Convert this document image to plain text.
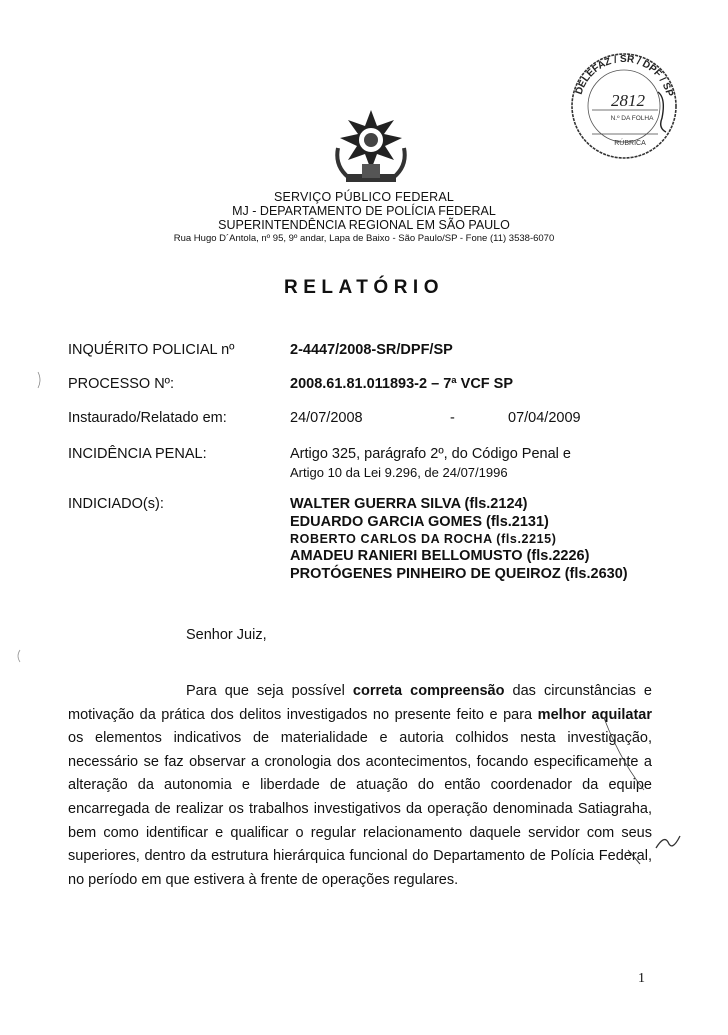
SERVIÇO PÚBLICO FEDERAL
MJ - DEPARTAMENTO DE POLÍCIA FEDERAL
SUPERINTENDÊNCIA REGIONAL EM SÃO PAULO
Rua Hugo D´Antola, nº 95, 9º andar, Lapa de Baixo - São Paulo/SP - Fone (11) 3538-6070
DELEFAZ / SR / DPF / SP
2812
N.º DA FOLHA
RÚBRICA
RELATÓRIO
INQUÉRITO POLICIAL nº	2-4447/2008-SR/DPF/SP
PROCESSO Nº:	2008.61.81.011893-2 – 7ª VCF SP
Instaurado/Relatado em:	24/07/2008	-	07/04/2009
INCIDÊNCIA PENAL:	Artigo 325, parágrafo 2º, do Código Penal e
Artigo 10 da Lei 9.296, de 24/07/1996
INDICIADO(s):	WALTER GUERRA SILVA (fls.2124)
EDUARDO GARCIA GOMES (fls.2131)
ROBERTO CARLOS DA ROCHA (fls.2215)
AMADEU RANIERI BELLOMUSTO (fls.2226)
PROTÓGENES PINHEIRO DE QUEIROZ (fls.2630)
Senhor Juiz,

Para que seja possível correta compreensão das circunstâncias e motivação da prática dos delitos investigados no presente feito e para melhor aquilatar os elementos indicativos de materialidade e autoria colhidos nesta investigação, necessário se faz observar a cronologia dos acontecimentos, focando especificamente a alteração da autonomia e liberdade de atuação do então coordenador da equipe encarregada de realizar os trabalhos investigativos da operação denominada Satiagraha, bem como identificar e qualificar o regular relacionamento daquele servidor com seus superiores, dentro da estrutura hierárquica funcional do Departamento de Polícia Federal, no período em que estivera à frente de operações regulares.

1
